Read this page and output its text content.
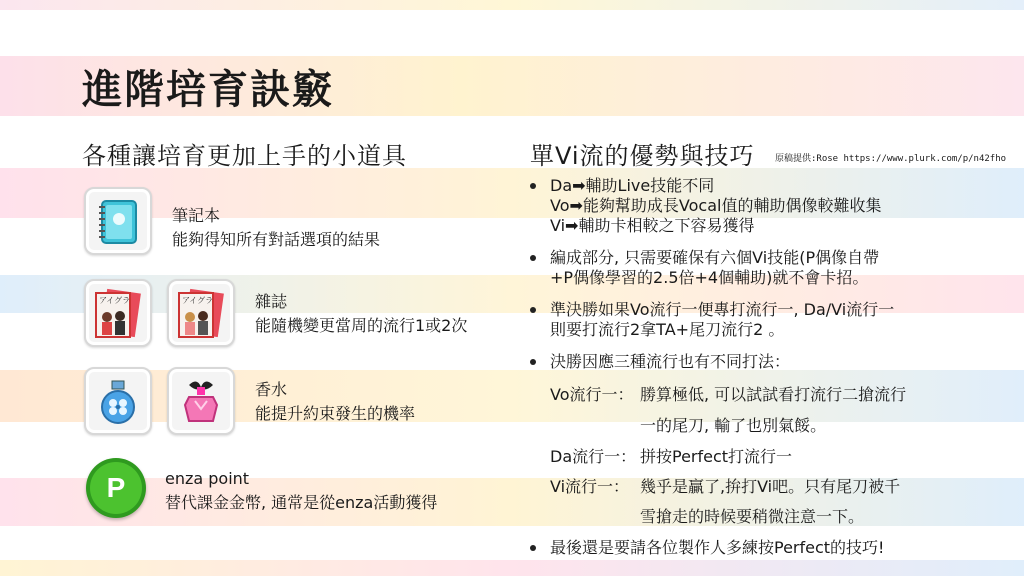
進階培育訣竅
各種讓培育更加上手的小道具	單Vi流的優勢與技巧 原稿提供:Rose https://www.plurk.com/p/n42fho
筆記本
能夠得知所有對話選項的結果
アイグラ	アイグラ	雜誌
能隨機變更當周的流行1或2次
香水
能提升約束發生的機率
P	enza point
替代課金金幣, 通常是從enza活動獲得
Da➡輔助Live技能不同
Vo➡能夠幫助成長Vocal值的輔助偶像較難收集
Vi➡輔助卡相較之下容易獲得
編成部分, 只需要確保有六個Vi技能(P偶像自帶
+P偶像學習的2.5倍+4個輔助)就不會卡招。
準決勝如果Vo流行一便專打流行一, Da/Vi流行一
則要打流行2拿TA+尾刀流行2 。
決勝因應三種流行也有不同打法：
Vo流行一： 勝算極低, 可以試試看打流行二搶流行
一的尾刀, 輸了也別氣餒。
Da流行一： 拼按Perfect打流行一
Vi流行一： 幾乎是贏了,拚打Vi吧。只有尾刀被千
雪搶走的時候要稍微注意一下。
最後還是要請各位製作人多練按Perfect的技巧!
